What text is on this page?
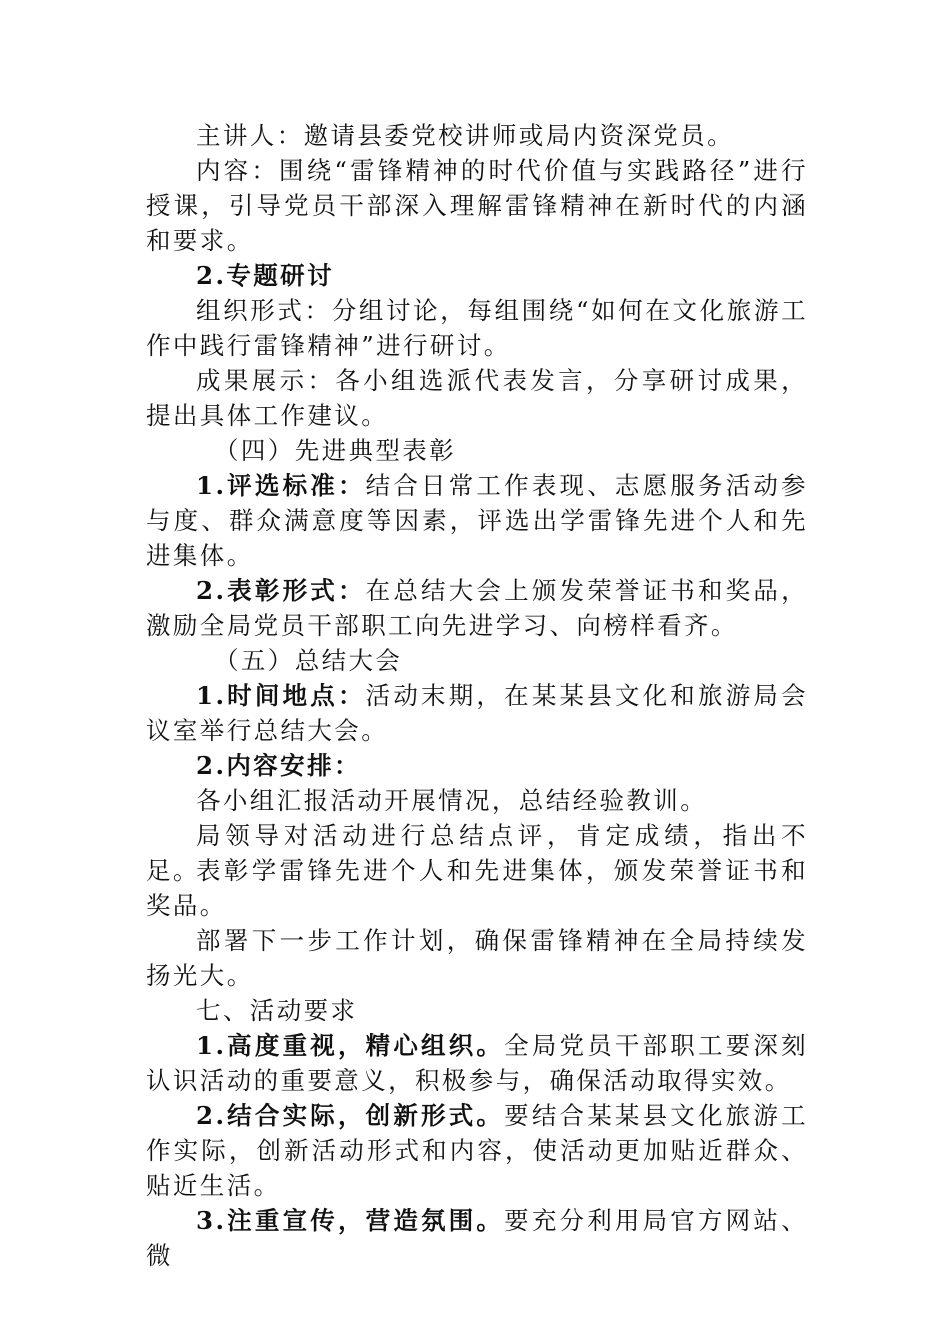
主讲人：邀请县委党校讲师或局内资深党员。

内容：围绕“雷锋精神的时代价值与实践路径”进行授课，引导党员干部深入理解雷锋精神在新时代的内涵和要求。

2.专题研讨

组织形式：分组讨论，每组围绕“如何在文化旅游工作中践行雷锋精神”进行研讨。

成果展示：各小组选派代表发言，分享研讨成果，提出具体工作建议。

（四）先进典型表彰

1.评选标准：结合日常工作表现、志愿服务活动参与度、群众满意度等因素，评选出学雷锋先进个人和先进集体。

2.表彰形式：在总结大会上颁发荣誉证书和奖品，激励全局党员干部职工向先进学习、向榜样看齐。

（五）总结大会

1.时间地点：活动末期，在某某县文化和旅游局会议室举行总结大会。

2.内容安排：

各小组汇报活动开展情况，总结经验教训。

局领导对活动进行总结点评，肯定成绩，指出不足。

表彰学雷锋先进个人和先进集体，颁发荣誉证书和奖品。

部署下一步工作计划，确保雷锋精神在全局持续发扬光大。

七、活动要求

1.高度重视，精心组织。全局党员干部职工要深刻认识活动的重要意义，积极参与，确保活动取得实效。

2.结合实际，创新形式。要结合某某县文化旅游工作实际，创新活动形式和内容，使活动更加贴近群众、贴近生活。

3.注重宣传，营造氛围。要充分利用局官方网站、微
